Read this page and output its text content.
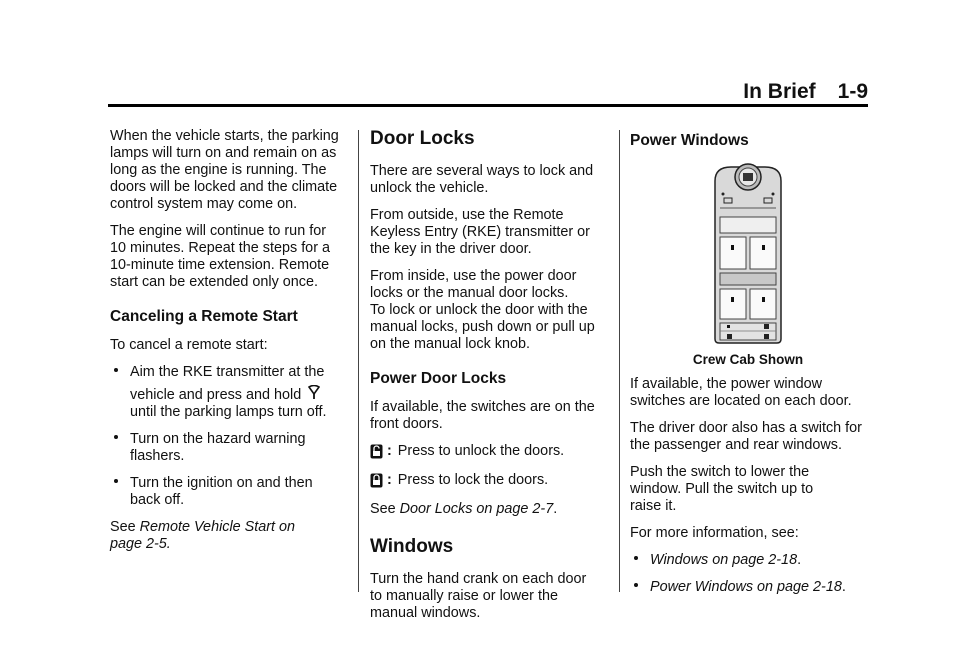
In Brief 1-9

When the vehicle starts, the parking
lamps will turn on and remain on as
long as the engine is running. The
doors will be locked and the climate
control system may come on.

The engine will continue to run for
10 minutes. Repeat the steps for a
10-minute time extension. Remote
start can be extended only once.

Canceling a Remote Start

To cancel a remote start:

Aim the RKE transmitter at the
vehicle and press and hold
until the parking lamps turn off.
Turn on the hazard warning
flashers.
Turn the ignition on and then
back off.

See Remote Vehicle Start on
page 2-5.

Door Locks

There are several ways to lock and
unlock the vehicle.

From outside, use the Remote
Keyless Entry (RKE) transmitter or
the key in the driver door.

From inside, use the power door
locks or the manual door locks.
To lock or unlock the door with the
manual locks, push down or pull up
on the manual lock knob.

Power Door Locks

If available, the switches are on the
front doors.

: Press to unlock the doors.
: Press to lock the doors.

See Door Locks on page 2-7.

Windows

Turn the hand crank on each door
to manually raise or lower the
manual windows.

Power Windows
Crew Cab Shown

If available, the power window
switches are located on each door.

The driver door also has a switch for
the passenger and rear windows.

Push the switch to lower the
window. Pull the switch up to
raise it.

For more information, see:

Windows on page 2-18.
Power Windows on page 2-18.
